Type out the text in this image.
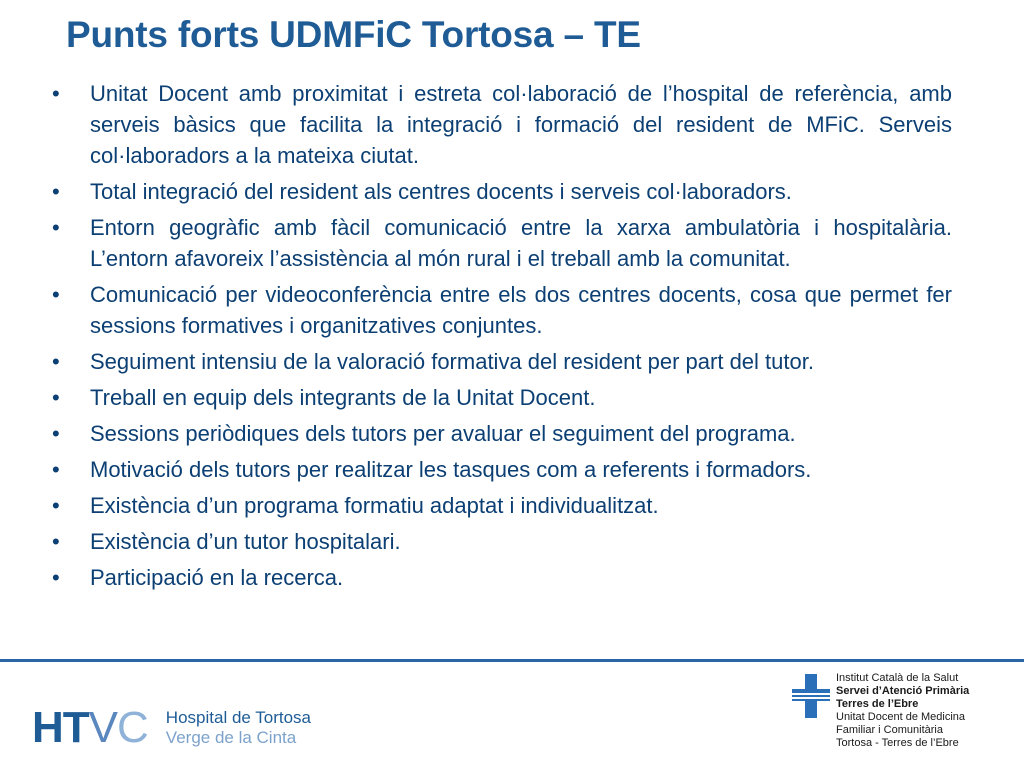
Punts forts UDMFiC Tortosa – TE
•	Unitat Docent amb proximitat i estreta col·laboració de l’hospital de referència, amb serveis bàsics que facilita la integració i formació del resident de MFiC. Serveis col·laboradors a la mateixa ciutat.
•	Total integració del resident als centres docents i serveis col·laboradors.
•	Entorn geogràfic amb fàcil comunicació entre la xarxa ambulatòria i hospitalària. L’entorn afavoreix l’assistència al món rural i el treball amb la comunitat.
•	Comunicació per videoconferència entre els dos centres docents, cosa que permet fer sessions formatives i organitzatives conjuntes.
•	Seguiment intensiu de la valoració formativa del resident per part del tutor.
•	Treball en equip dels integrants de la Unitat Docent.
•	Sessions periòdiques dels tutors per avaluar el seguiment del programa.
•	Motivació dels tutors per realitzar les tasques com a referents i formadors.
•	Existència d’un programa formatiu adaptat i individualitzat.
•	Existència d’un tutor hospitalari.
•	Participació en la recerca.
HTVC Hospital de Tortosa
Verge de la Cinta
Institut Català de la Salut
Servei d’Atenció Primària
Terres de l’Ebre
Unitat Docent de Medicina
Familiar i Comunitària
Tortosa - Terres de l’Ebre
